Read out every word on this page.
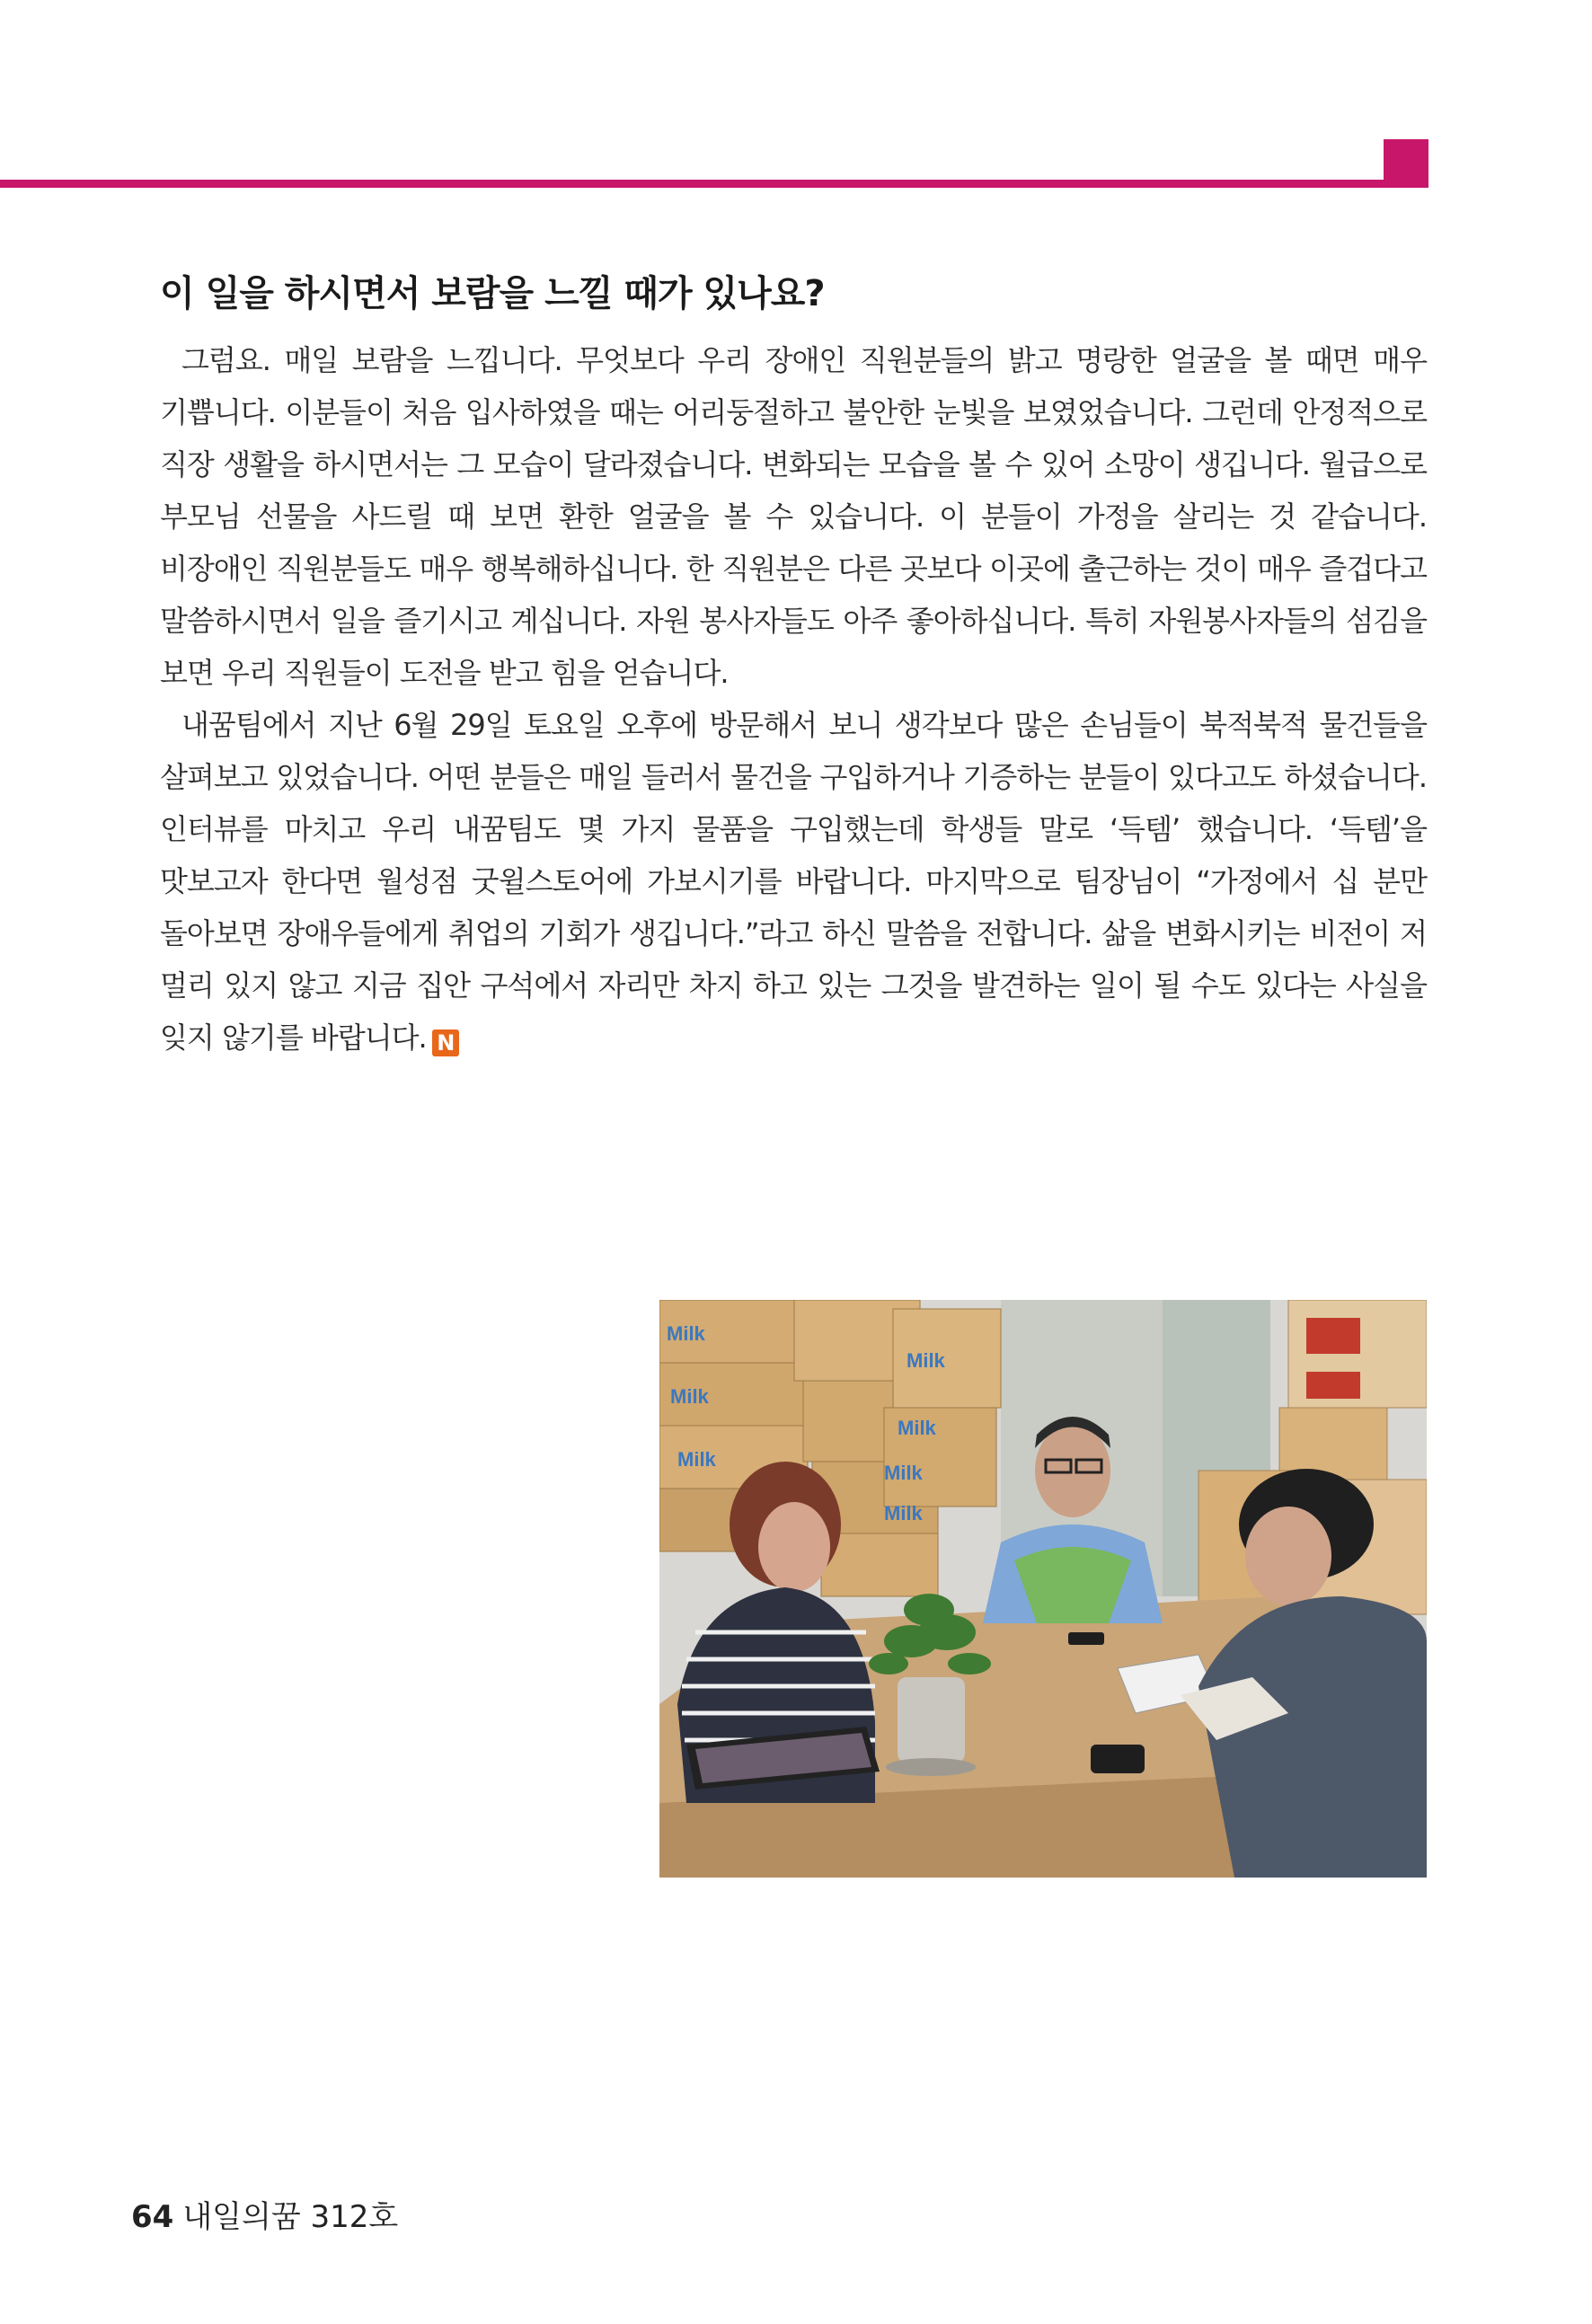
이 일을 하시면서 보람을 느낄 때가 있나요?

그럼요. 매일 보람을 느낍니다. 무엇보다 우리 장애인 직원분들의 밝고 명랑한 얼굴을 볼 때면 매우 기쁩니다. 이분들이 처음 입사하였을 때는 어리둥절하고 불안한 눈빛을 보였었습니다. 그런데 안정적으로 직장 생활을 하시면서는 그 모습이 달라졌습니다. 변화되는 모습을 볼 수 있어 소망이 생깁니다. 월급으로 부모님 선물을 사드릴 때 보면 환한 얼굴을 볼 수 있습니다. 이 분들이 가정을 살리는 것 같습니다. 비장애인 직원분들도 매우 행복해하십니다. 한 직원분은 다른 곳보다 이곳에 출근하는 것이 매우 즐겁다고 말씀하시면서 일을 즐기시고 계십니다. 자원 봉사자들도 아주 좋아하십니다. 특히 자원봉사자들의 섬김을 보면 우리 직원들이 도전을 받고 힘을 얻습니다.

내꿈팀에서 지난 6월 29일 토요일 오후에 방문해서 보니 생각보다 많은 손님들이 북적북적 물건들을 살펴보고 있었습니다. 어떤 분들은 매일 들러서 물건을 구입하거나 기증하는 분들이 있다고도 하셨습니다. 인터뷰를 마치고 우리 내꿈팀도 몇 가지 물품을 구입했는데 학생들 말로 ‘득템’ 했습니다. ‘득템’을 맛보고자 한다면 월성점 굿윌스토어에 가보시기를 바랍니다. 마지막으로 팀장님이 “가정에서 십 분만 돌아보면 장애우들에게 취업의 기회가 생깁니다.”라고 하신 말씀을 전합니다. 삶을 변화시키는 비전이 저 멀리 있지 않고 지금 집안 구석에서 자리만 차지 하고 있는 그것을 발견하는 일이 될 수도 있다는 사실을 잊지 않기를 바랍니다. N

Milk
Milk
Milk
Milk
Milk
Milk
Milk
64 내일의꿈 312호
